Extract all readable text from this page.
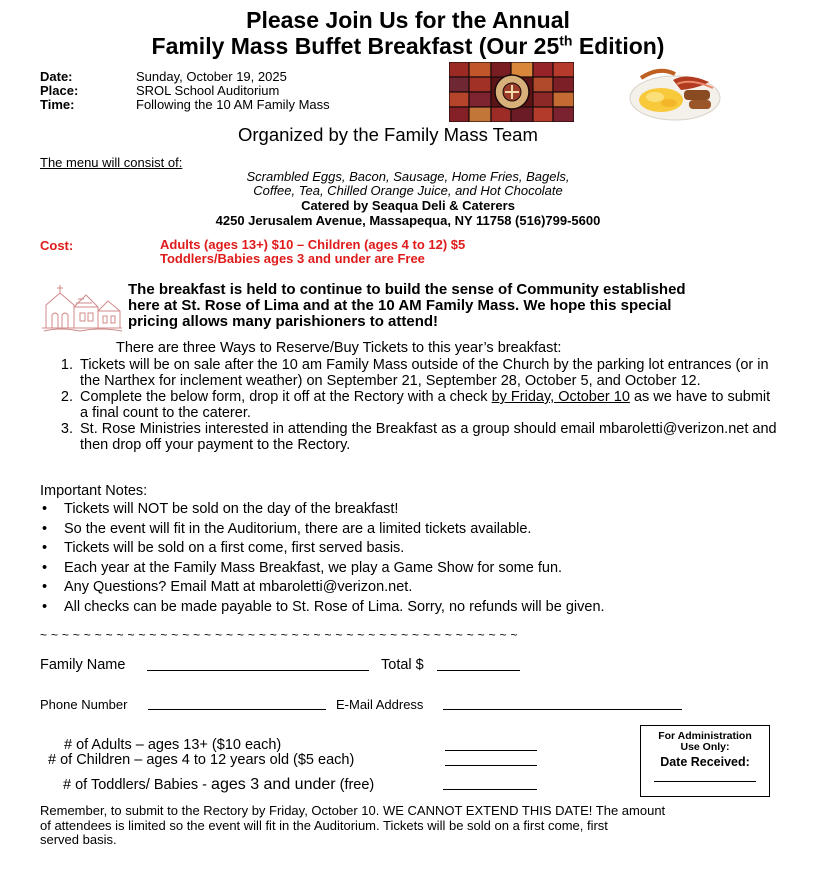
Please Join Us for the Annual
Family Mass Buffet Breakfast (Our 25th Edition)
Date:	Sunday, October 19, 2025
Place:	SROL School Auditorium
Time:	Following the 10 AM Family Mass
Organized by the Family Mass Team
The menu will consist of:
Scrambled Eggs, Bacon, Sausage, Home Fries, Bagels,
Coffee, Tea, Chilled Orange Juice, and Hot Chocolate
Catered by Seaqua Deli & Caterers
4250 Jerusalem Avenue, Massapequa, NY 11758 (516)799-5600
Cost:	Adults (ages 13+) $10 – Children (ages 4 to 12) $5
Toddlers/Babies ages 3 and under are Free
The breakfast is held to continue to build the sense of Community established
here at St. Rose of Lima and at the 10 AM Family Mass. We hope this special
pricing allows many parishioners to attend!
There are three Ways to Reserve/Buy Tickets to this year’s breakfast:
1. Tickets will be on sale after the 10 am Family Mass outside of the Church by the parking lot entrances (or in the Narthex for inclement weather) on September 21, September 28, October 5, and October 12.
2. Complete the below form, drop it off at the Rectory with a check by Friday, October 10 as we have to submit a final count to the caterer.
3. St. Rose Ministries interested in attending the Breakfast as a group should email mbaroletti@verizon.net and then drop off your payment to the Rectory.
Important Notes:
• Tickets will NOT be sold on the day of the breakfast!
• So the event will fit in the Auditorium, there are a limited tickets available.
• Tickets will be sold on a first come, first served basis.
• Each year at the Family Mass Breakfast, we play a Game Show for some fun.
• Any Questions? Email Matt at mbaroletti@verizon.net.
• All checks can be made payable to St. Rose of Lima. Sorry, no refunds will be given.
~ ~ ~ ~ ~ ~ ~ ~ ~ ~ ~ ~ ~ ~ ~ ~ ~ ~ ~ ~ ~ ~ ~ ~ ~ ~ ~ ~ ~ ~ ~ ~ ~ ~ ~ ~ ~ ~ ~ ~ ~ ~ ~ ~
Family Name	Total $
Phone Number	E-Mail Address
# of Adults – ages 13+ ($10 each)
# of Children – ages 4 to 12 years old ($5 each)
# of Toddlers/ Babies - ages 3 and under (free)
For Administration
Use Only:
Date Received:
Remember, to submit to the Rectory by Friday, October 10. WE CANNOT EXTEND THIS DATE! The amount
of attendees is limited so the event will fit in the Auditorium. Tickets will be sold on a first come, first
served basis.
